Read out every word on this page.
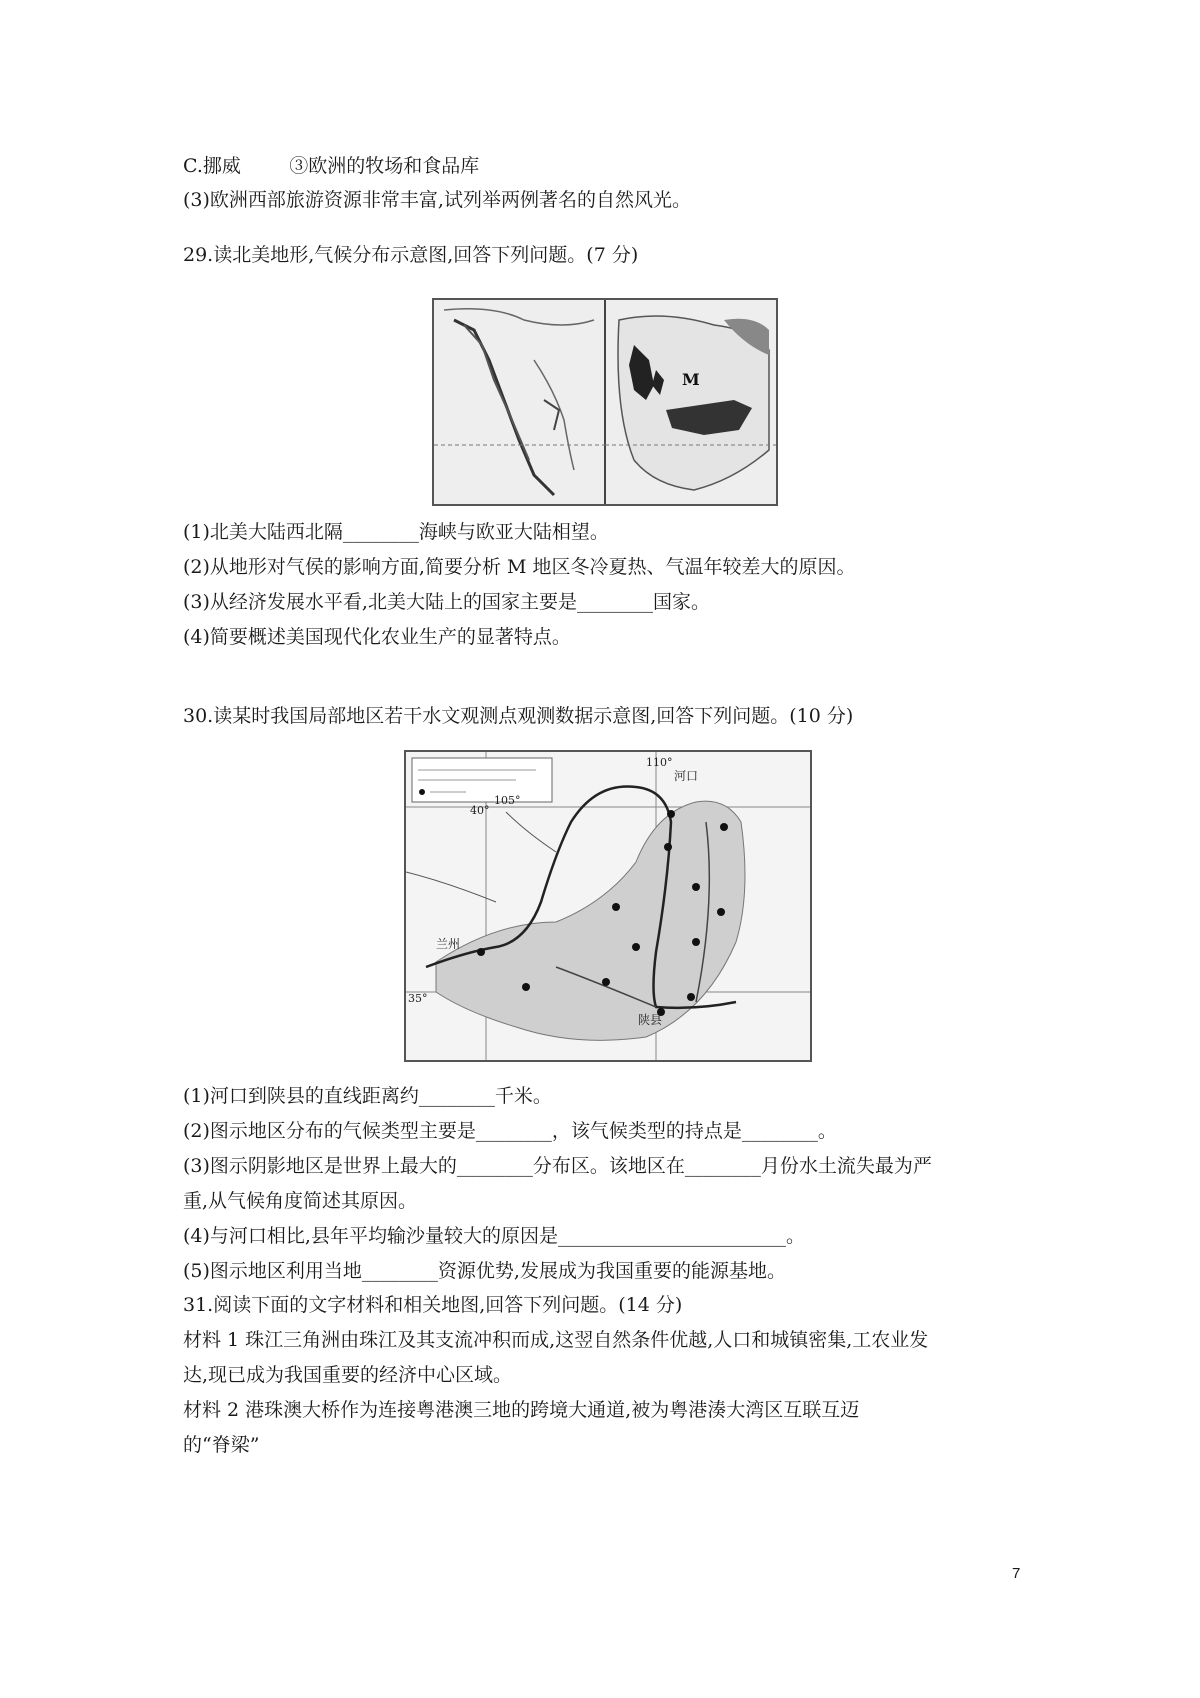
C.挪威        ③欧洲的牧场和食品库
(3)欧洲西部旅游资源非常丰富,试列举两例著名的自然风光。
29.读北美地形,气候分布示意图,回答下列问题。(7 分)
M
(1)北美大陆西北隔________海峡与欧亚大陆相望。
(2)从地形对气侯的影响方面,简要分析 M 地区冬冷夏热、气温年较差大的原因。
(3)从经济发展水平看,北美大陆上的国家主要是________国家。
(4)简要概述美国现代化农业生产的显著特点。
30.读某时我国局部地区若干水文观测点观测数据示意图,回答下列问题。(10 分)
110°
40°
105°
35°
河口
陕县
兰州
(1)河口到陕县的直线距离约________千米。
(2)图示地区分布的气候类型主要是________，该气候类型的持点是________。
(3)图示阴影地区是世界上最大的________分布区。该地区在________月份水土流失最为严
重,从气候角度简述其原因。
(4)与河口相比,县年平均输沙量较大的原因是________________________。
(5)图示地区利用当地________资源优势,发展成为我国重要的能源基地。
31.阅读下面的文字材料和相关地图,回答下列问题。(14 分)
材料 1 珠江三角洲由珠江及其支流冲积而成,这翌自然条件优越,人口和城镇密集,工农业发
达,现已成为我国重要的经济中心区域。
材料 2 港珠澳大桥作为连接粤港澳三地的跨境大通道,被为粤港湊大湾区互联互迈
的“脊梁”
7
